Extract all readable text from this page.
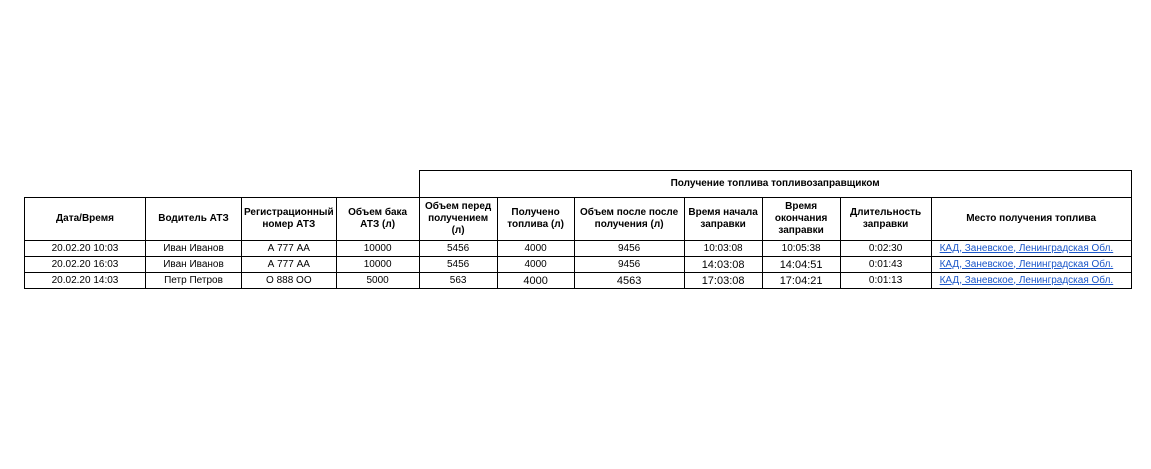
				Получение топлива топливозаправщиком						
Дата/Время	Водитель АТЗ	Регистрационный номер АТЗ	Объем бака АТЗ (л)	Объем перед получением (л)	Получено топлива (л)	Объем после после получения (л)	Время начала заправки	Время окончания заправки	Длительность заправки	Место получения топлива
20.02.20 10:03	Иван Иванов	А 777 АА	10000	5456	4000	9456	10:03:08	10:05:38	0:02:30	КАД, Заневское, Ленинградская Обл.
20.02.20 16:03	Иван Иванов	А 777 АА	10000	5456	4000	9456	14:03:08	14:04:51	0:01:43	КАД, Заневское, Ленинградская Обл.
20.02.20 14:03	Петр Петров	О 888 ОО	5000	563	4000	4563	17:03:08	17:04:21	0:01:13	КАД, Заневское, Ленинградская Обл.
